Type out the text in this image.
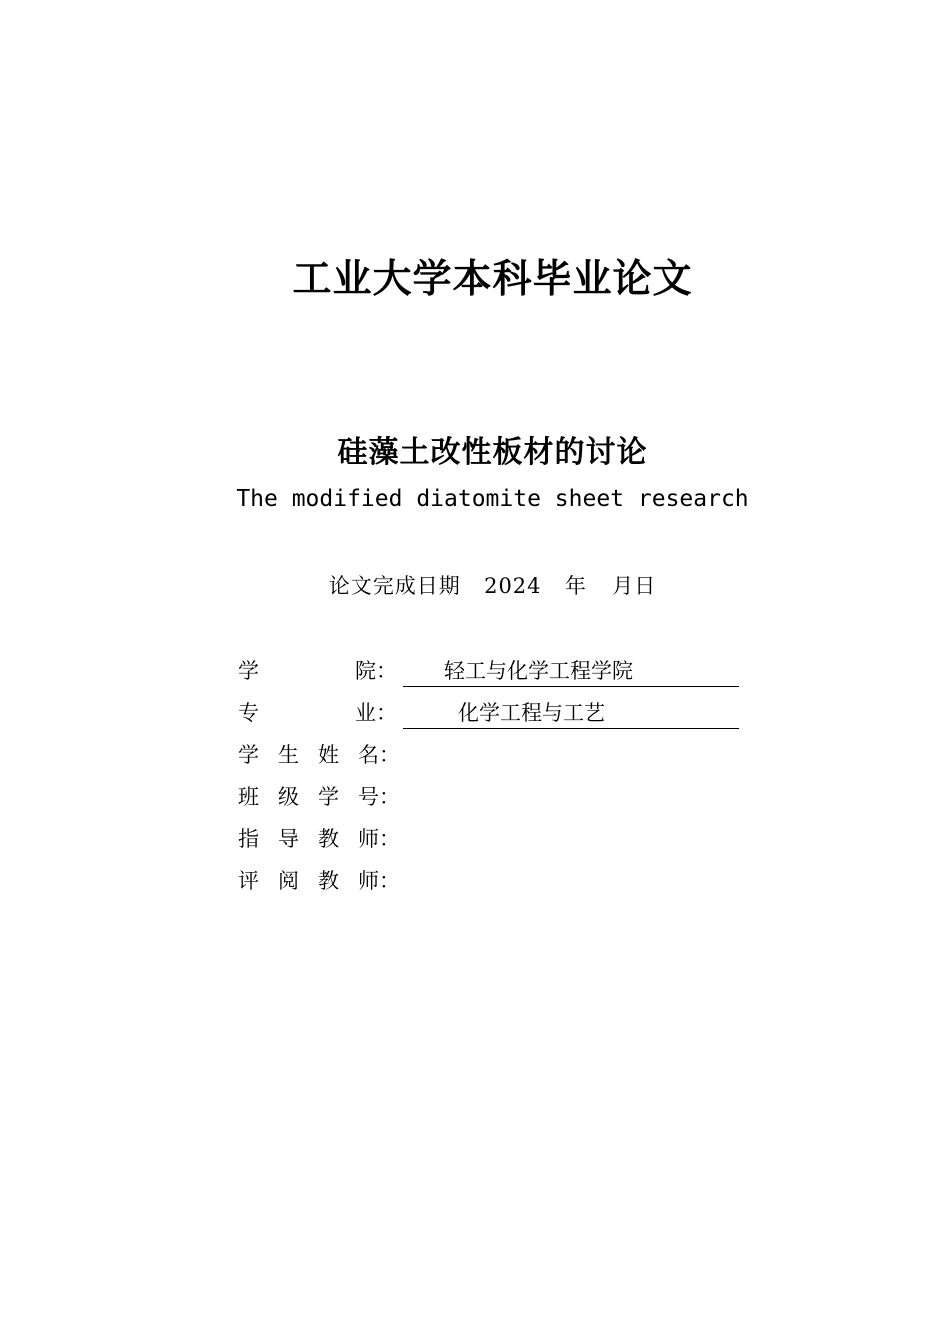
工业大学本科毕业论文
硅藻土改性板材的讨论
The modified diatomite sheet research
论文完成日期 2024 年 月日
学	院： 轻工与化学工程学院
专	业：	化学工程与工艺
学 生 姓 名：
班 级 学 号：
指 导 教 师：
评 阅 教 师：
